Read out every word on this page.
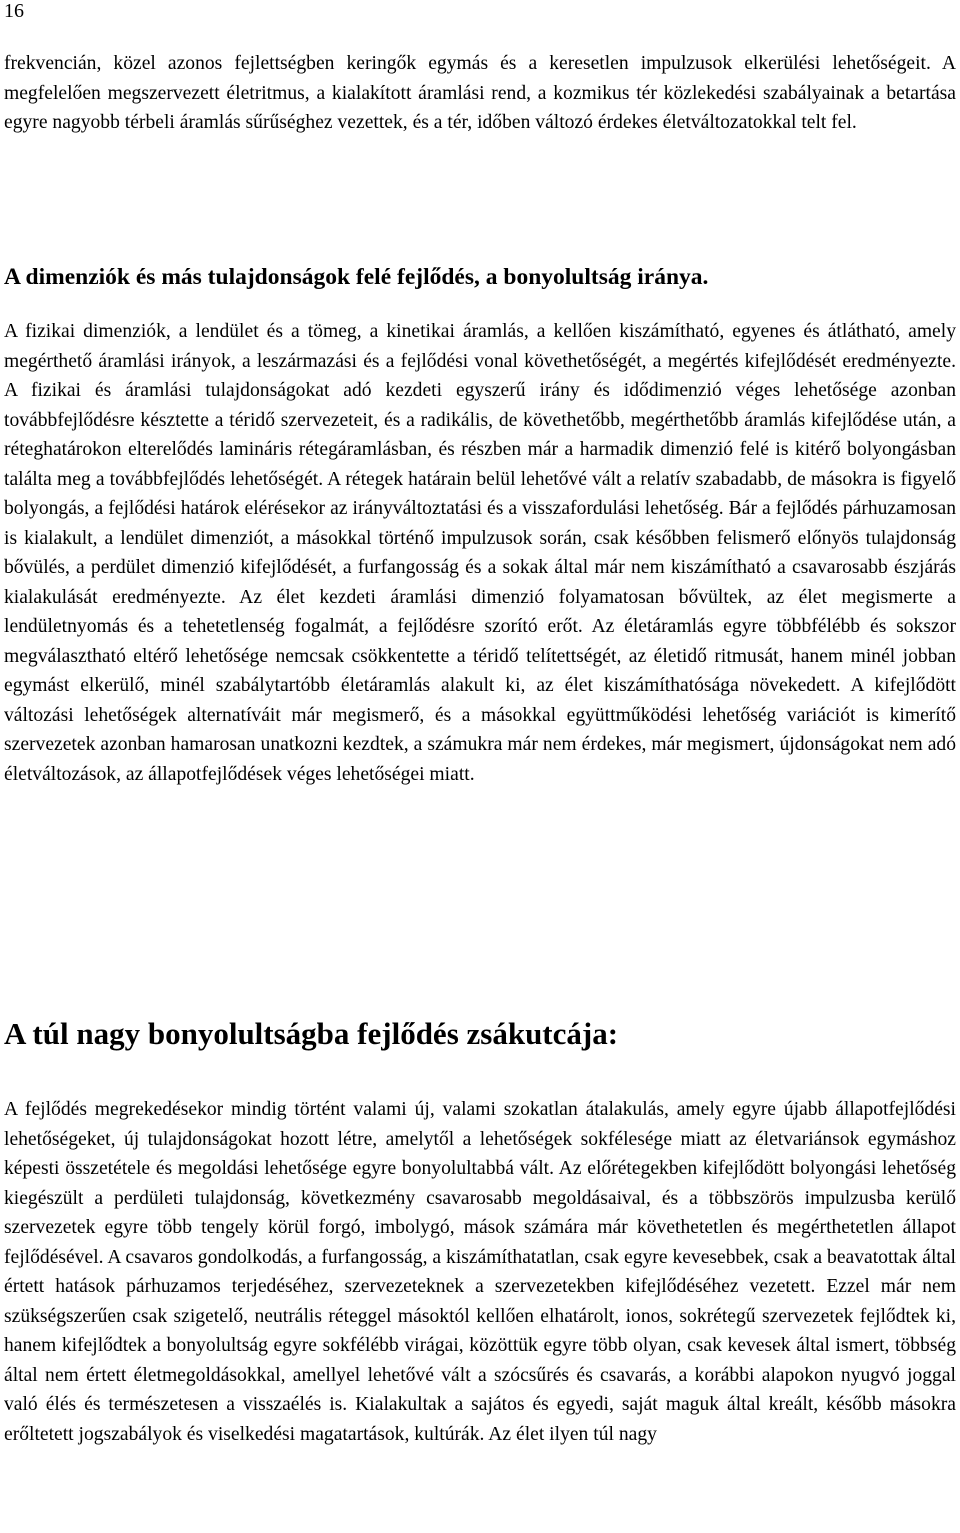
16

frekvencián, közel azonos fejlettségben keringők egymás és a keresetlen impulzusok elkerülési lehetőségeit. A megfelelően megszervezett életritmus, a kialakított áramlási rend, a kozmikus tér közlekedési szabályainak a betartása egyre nagyobb térbeli áramlás sűrűséghez vezettek, és a tér, időben változó érdekes életváltozatokkal telt fel.

A dimenziók és más tulajdonságok felé fejlődés, a bonyolultság iránya.

A fizikai dimenziók, a lendület és a tömeg, a kinetikai áramlás, a kellően kiszámítható, egyenes és átlátható, amely megérthető áramlási irányok, a leszármazási és a fejlődési vonal követhetőségét, a megértés kifejlődését eredményezte. A fizikai és áramlási tulajdonságokat adó kezdeti egyszerű irány és idődimenzió véges lehetősége azonban továbbfejlődésre késztette a téridő szervezeteit, és a radikális, de követhetőbb, megérthetőbb áramlás kifejlődése után, a réteghatárokon elterelődés lamináris rétegáramlásban, és részben már a harmadik dimenzió felé is kitérő bolyongásban találta meg a továbbfejlődés lehetőségét. A rétegek határain belül lehetővé vált a relatív szabadabb, de másokra is figyelő bolyongás, a fejlődési határok elérésekor az irányváltoztatási és a visszafordulási lehetőség. Bár a fejlődés párhuzamosan is kialakult, a lendület dimenziót, a másokkal történő impulzusok során, csak későbben felismerő előnyös tulajdonság bővülés, a perdület dimenzió kifejlődését, a furfangosság és a sokak által már nem kiszámítható a csavarosabb észjárás kialakulását eredményezte. Az élet kezdeti áramlási dimenzió folyamatosan bővültek, az élet megismerte a lendületnyomás és a tehetetlenség fogalmát, a fejlődésre szorító erőt. Az életáramlás egyre többfélébb és sokszor megválasztható eltérő lehetősége nemcsak csökkentette a téridő telítettségét, az életidő ritmusát, hanem minél jobban egymást elkerülő, minél szabálytartóbb életáramlás alakult ki, az élet kiszámíthatósága növekedett. A kifejlődött változási lehetőségek alternatíváit már megismerő, és a másokkal együttműködési lehetőség variációt is kimerítő szervezetek azonban hamarosan unatkozni kezdtek, a számukra már nem érdekes, már megismert, újdonságokat nem adó életváltozások, az állapotfejlődések véges lehetőségei miatt.

A túl nagy bonyolultságba fejlődés zsákutcája:

A fejlődés megrekedésekor mindig történt valami új, valami szokatlan átalakulás, amely egyre újabb állapotfejlődési lehetőségeket, új tulajdonságokat hozott létre, amelytől a lehetőségek sokfélesége miatt az életvariánsok egymáshoz képesti összetétele és megoldási lehetősége egyre bonyolultabbá vált. Az előrétegekben kifejlődött bolyongási lehetőség kiegészült a perdületi tulajdonság, következmény csavarosabb megoldásaival, és a többszörös impulzusba kerülő szervezetek egyre több tengely körül forgó, imbolygó, mások számára már követhetetlen és megérthetetlen állapot fejlődésével. A csavaros gondolkodás, a furfangosság, a kiszámíthatatlan, csak egyre kevesebbek, csak a beavatottak által értett hatások párhuzamos terjedéséhez, szervezeteknek a szervezetekben kifejlődéséhez vezetett. Ezzel már nem szükségszerűen csak szigetelő, neutrális réteggel másoktól kellően elhatárolt, ionos, sokrétegű szervezetek fejlődtek ki, hanem kifejlődtek a bonyolultság egyre sokfélébb virágai, közöttük egyre több olyan, csak kevesek által ismert, többség által nem értett életmegoldásokkal, amellyel lehetővé vált a szócsűrés és csavarás, a korábbi alapokon nyugvó joggal való élés és természetesen a visszaélés is. Kialakultak a sajátos és egyedi, saját maguk által kreált, később másokra erőltetett jogszabályok és viselkedési magatartások, kultúrák. Az élet ilyen túl nagy
